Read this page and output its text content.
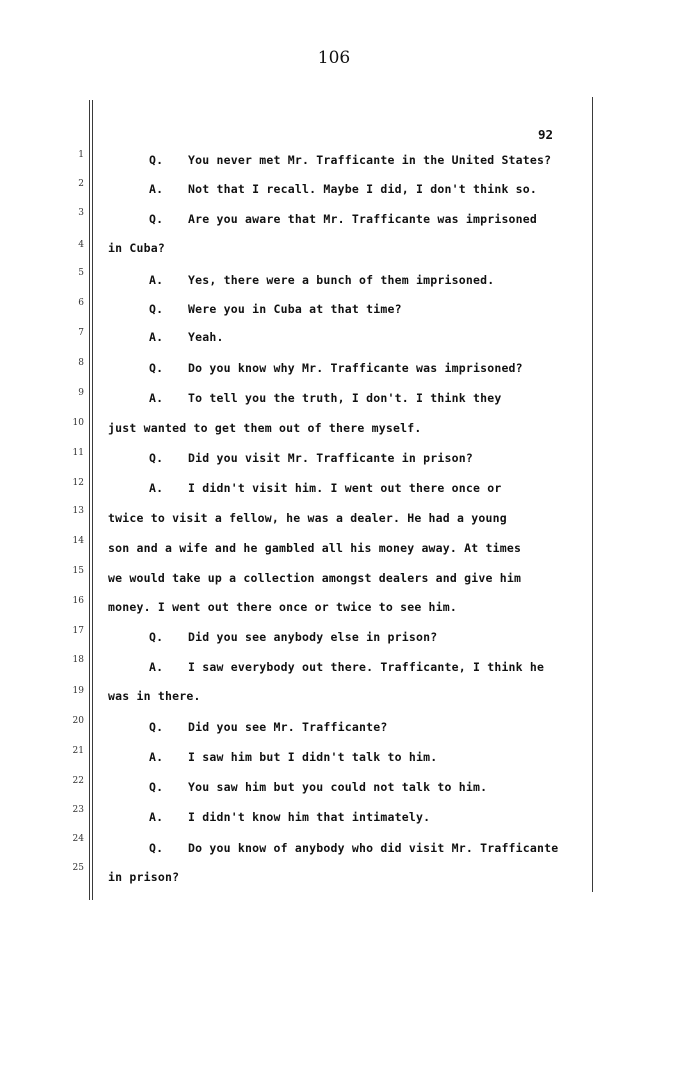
106
92
1
2
3
4
5
6
7
8
9
10
11
12
13
14
15
16
17
18
19
20
21
22
23
24
25
Q. You never met Mr. Trafficante in the United States?
A. Not that I recall. Maybe I did, I don't think so.
Q. Are you aware that Mr. Trafficante was imprisoned
in Cuba?
A. Yes, there were a bunch of them imprisoned.
Q. Were you in Cuba at that time?
A. Yeah.
Q. Do you know why Mr. Trafficante was imprisoned?
A. To tell you the truth, I don't. I think they
just wanted to get them out of there myself.
Q. Did you visit Mr. Trafficante in prison?
A. I didn't visit him. I went out there once or
twice to visit a fellow, he was a dealer. He had a young
son and a wife and he gambled all his money away. At times
we would take up a collection amongst dealers and give him
money. I went out there once or twice to see him.
Q. Did you see anybody else in prison?
A. I saw everybody out there. Trafficante, I think he
was in there.
Q. Did you see Mr. Trafficante?
A. I saw him but I didn't talk to him.
Q. You saw him but you could not talk to him.
A. I didn't know him that intimately.
Q. Do you know of anybody who did visit Mr. Trafficante
in prison?
